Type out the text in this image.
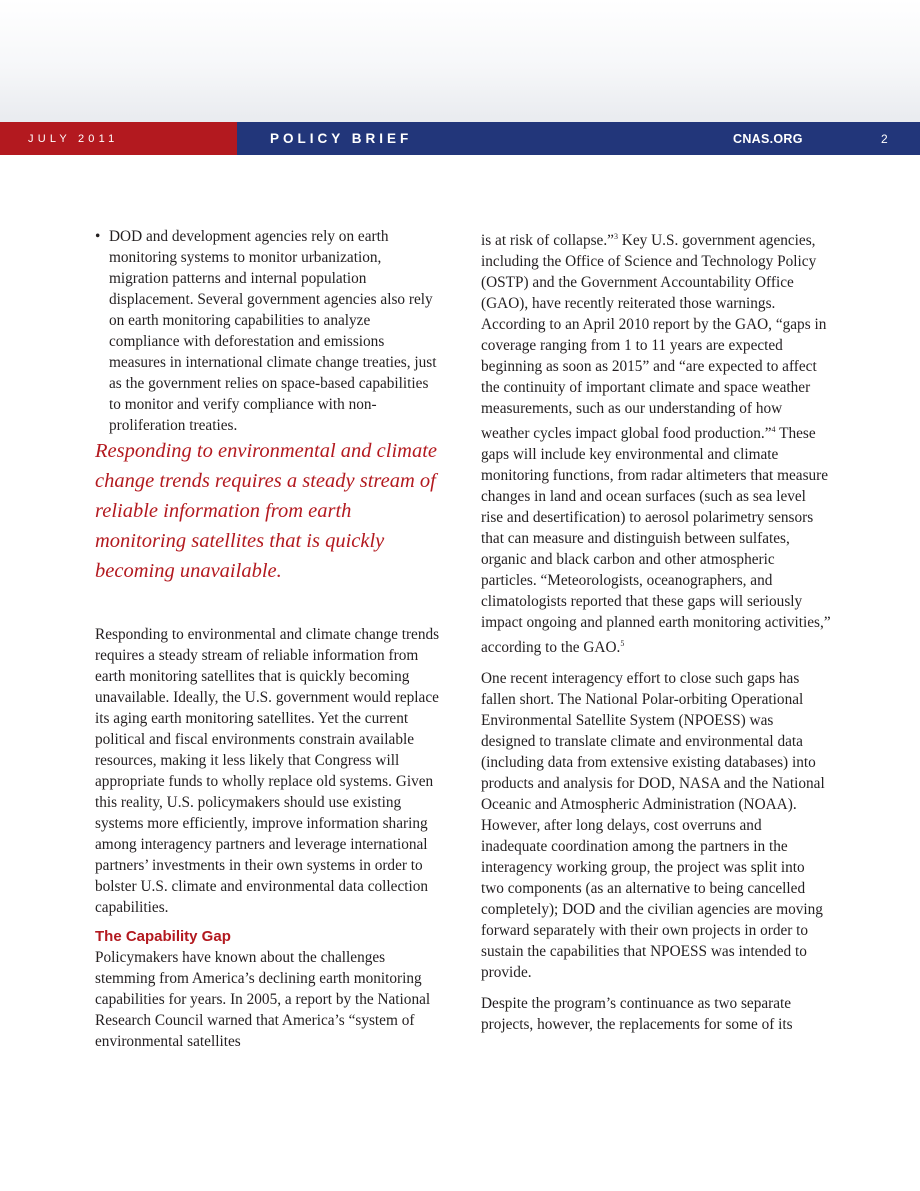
JULY 2011	POLICY BRIEF	CNAS.ORG	2
• DOD and development agencies rely on earth monitoring systems to monitor urbanization, migration patterns and internal population displacement. Several government agencies also rely on earth monitoring capabilities to analyze compliance with deforestation and emissions measures in international climate change treaties, just as the government relies on space-based capabilities to monitor and verify compliance with non-proliferation treaties.

Responding to environmental and climate change trends requires a steady stream of reliable information from earth monitoring satellites that is quickly becoming unavailable.

Responding to environmental and climate change trends requires a steady stream of reliable information from earth monitoring satellites that is quickly becoming unavailable. Ideally, the U.S. government would replace its aging earth monitoring satellites. Yet the current political and fiscal environments constrain available resources, making it less likely that Congress will appropriate funds to wholly replace old systems. Given this reality, U.S. policymakers should use existing systems more efficiently, improve information sharing among interagency partners and leverage international partners’ investments in their own systems in order to bolster U.S. climate and environmental data collection capabilities.

The Capability Gap

Policymakers have known about the challenges stemming from America’s declining earth monitoring capabilities for years. In 2005, a report by the National Research Council warned that America’s “system of environmental satellites

is at risk of collapse.”$^3$ Key U.S. government agencies, including the Office of Science and Technology Policy (OSTP) and the Government Accountability Office (GAO), have recently reiterated those warnings. According to an April 2010 report by the GAO, “gaps in coverage ranging from 1 to 11 years are expected beginning as soon as 2015” and “are expected to affect the continuity of important climate and space weather measurements, such as our understanding of how weather cycles impact global food production.”$^4$ These gaps will include key environmental and climate monitoring functions, from radar altimeters that measure changes in land and ocean surfaces (such as sea level rise and desertification) to aerosol polarimetry sensors that can measure and distinguish between sulfates, organic and black carbon and other atmospheric particles. “Meteorologists, oceanographers, and climatologists reported that these gaps will seriously impact ongoing and planned earth monitoring activities,” according to the GAO.$^5$

One recent interagency effort to close such gaps has fallen short. The National Polar-orbiting Operational Environmental Satellite System (NPOESS) was designed to translate climate and environmental data (including data from extensive existing databases) into products and analysis for DOD, NASA and the National Oceanic and Atmospheric Administration (NOAA). However, after long delays, cost overruns and inadequate coordination among the partners in the interagency working group, the project was split into two components (as an alternative to being cancelled completely); DOD and the civilian agencies are moving forward separately with their own projects in order to sustain the capabilities that NPOESS was intended to provide.

Despite the program’s continuance as two separate projects, however, the replacements for some of its
